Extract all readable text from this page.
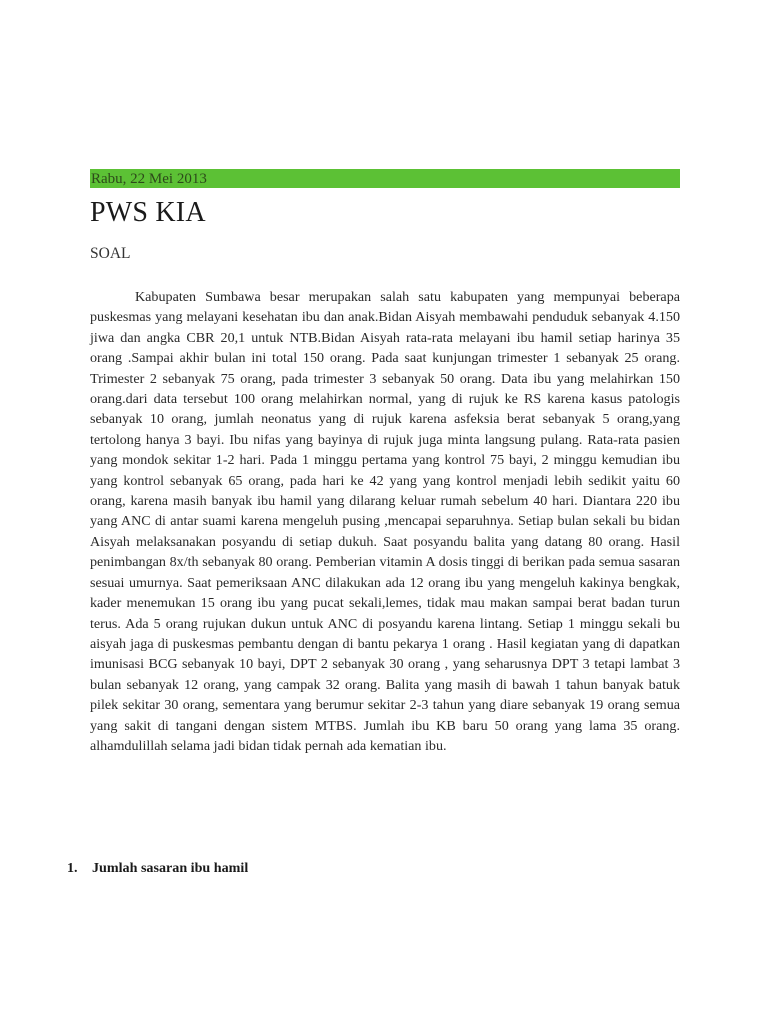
Rabu, 22 Mei 2013
PWS KIA
SOAL

Kabupaten Sumbawa besar merupakan salah satu kabupaten yang mempunyai beberapa puskesmas yang melayani kesehatan ibu dan anak.Bidan Aisyah membawahi penduduk sebanyak 4.150 jiwa dan angka CBR 20,1 untuk NTB.Bidan Aisyah rata-rata melayani ibu hamil setiap harinya 35 orang .Sampai akhir bulan ini total 150 orang. Pada saat kunjungan trimester 1 sebanyak 25 orang. Trimester 2 sebanyak 75 orang, pada trimester 3 sebanyak 50 orang. Data ibu yang melahirkan 150 orang.dari data tersebut 100 orang melahirkan normal, yang di rujuk ke RS karena kasus patologis sebanyak 10 orang, jumlah neonatus yang di rujuk karena asfeksia berat sebanyak 5 orang,yang tertolong hanya 3 bayi. Ibu nifas yang bayinya di rujuk juga minta langsung pulang. Rata-rata pasien yang mondok sekitar 1-2 hari. Pada 1 minggu pertama yang kontrol 75 bayi, 2 minggu kemudian ibu yang kontrol sebanyak 65 orang, pada hari ke 42 yang yang kontrol menjadi lebih sedikit yaitu 60 orang, karena masih banyak ibu hamil yang dilarang keluar rumah sebelum 40 hari. Diantara 220 ibu yang ANC di antar suami karena mengeluh pusing ,mencapai separuhnya. Setiap bulan sekali bu bidan Aisyah melaksanakan posyandu di setiap dukuh. Saat posyandu balita yang datang 80 orang. Hasil penimbangan 8x/th sebanyak 80 orang. Pemberian vitamin A dosis tinggi di berikan pada semua sasaran sesuai umurnya. Saat pemeriksaan ANC dilakukan ada 12 orang ibu yang mengeluh kakinya bengkak, kader menemukan 15 orang ibu yang pucat sekali,lemes, tidak mau makan sampai berat badan turun terus. Ada 5 orang rujukan dukun untuk ANC di posyandu karena lintang. Setiap 1 minggu sekali bu aisyah jaga di puskesmas pembantu dengan di bantu pekarya 1 orang . Hasil kegiatan yang di dapatkan imunisasi BCG sebanyak 10 bayi, DPT 2 sebanyak 30 orang , yang seharusnya DPT 3 tetapi lambat 3 bulan sebanyak 12 orang, yang campak 32 orang. Balita yang masih di bawah 1 tahun banyak batuk pilek sekitar 30 orang, sementara yang berumur sekitar 2-3 tahun yang diare sebanyak 19 orang semua yang sakit di tangani dengan sistem MTBS. Jumlah ibu KB baru 50 orang yang lama 35 orang. alhamdulillah selama jadi bidan tidak pernah ada kematian ibu.

1.	Jumlah sasaran ibu hamil
